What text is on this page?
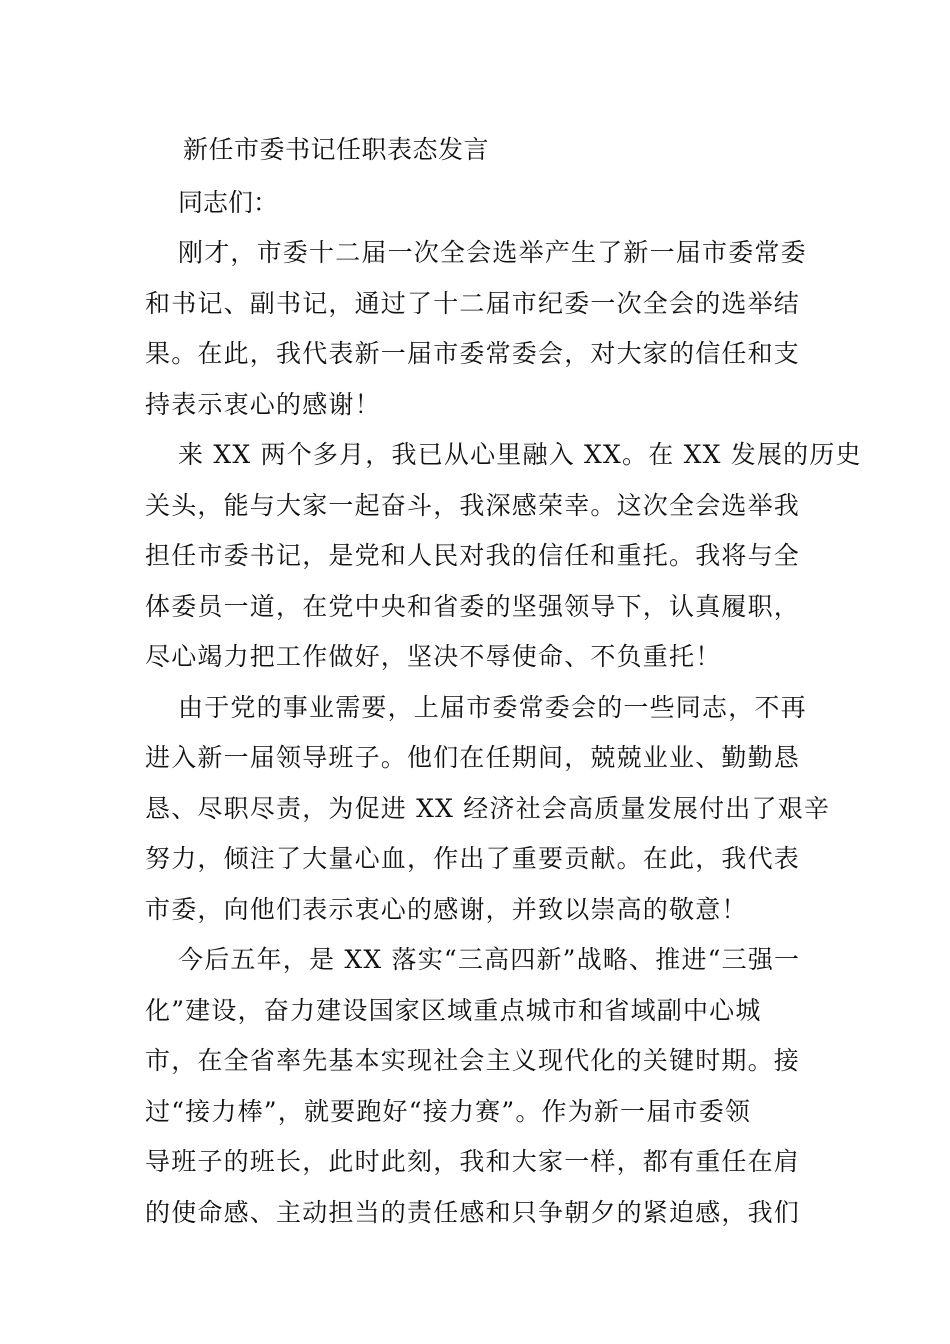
新任市委书记任职表态发言
同志们：
刚才，市委十二届一次全会选举产生了新一届市委常委
和书记、副书记，通过了十二届市纪委一次全会的选举结
果。在此，我代表新一届市委常委会，对大家的信任和支
持表示衷心的感谢！
来 XX 两个多月，我已从心里融入 XX。在 XX 发展的历史
关头，能与大家一起奋斗，我深感荣幸。这次全会选举我
担任市委书记，是党和人民对我的信任和重托。我将与全
体委员一道，在党中央和省委的坚强领导下，认真履职，
尽心竭力把工作做好，坚决不辱使命、不负重托！
由于党的事业需要，上届市委常委会的一些同志，不再
进入新一届领导班子。他们在任期间，兢兢业业、勤勤恳
恳、尽职尽责，为促进 XX 经济社会高质量发展付出了艰辛
努力，倾注了大量心血，作出了重要贡献。在此，我代表
市委，向他们表示衷心的感谢，并致以崇高的敬意！
今后五年，是 XX 落实“三高四新”战略、推进“三强一
化”建设，奋力建设国家区域重点城市和省域副中心城
市，在全省率先基本实现社会主义现代化的关键时期。接
过“接力棒”，就要跑好“接力赛”。作为新一届市委领
导班子的班长，此时此刻，我和大家一样，都有重任在肩
的使命感、主动担当的责任感和只争朝夕的紧迫感，我们
